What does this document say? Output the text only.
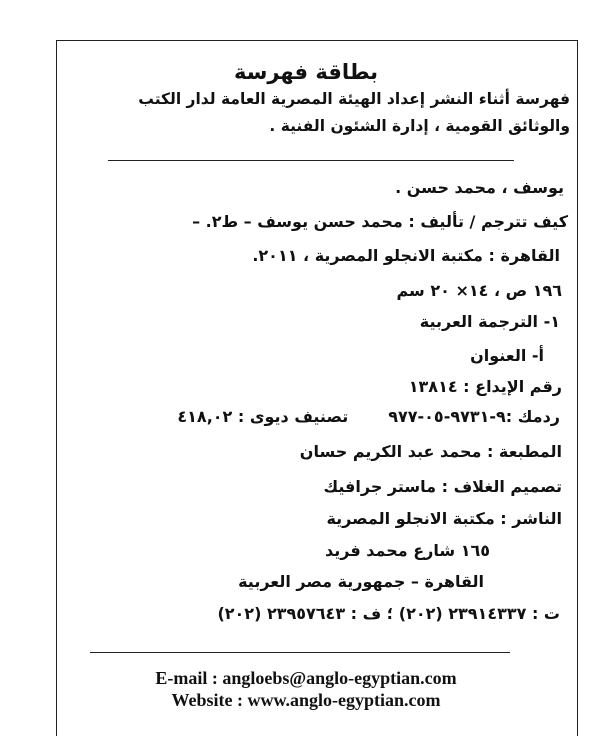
بطاقة فهرسة
فهرسة أثناء النشر إعداد الهيئة المصرية العامة لدار الكتب
والوثائق القومية ، إدارة الشئون الفنية .
يوسف ، محمد حسن .
كيف تترجم / تأليف : محمد حسن يوسف – ط٢. –
القاهرة : مكتبة الانجلو المصرية ، ٢٠١١.
١٩٦ ص ، ١٤× ٢٠ سم
١- الترجمة العربية
أ- العنوان
رقم الإيداع : ١٣٨١٤
ردمك :٩-٩٧٣١-٠٥-٩٧٧تصنيف ديوى : ٤١٨,٠٢
المطبعة : محمد عبد الكريم حسان
تصميم الغلاف : ماستر جرافيك
الناشر : مكتبة الانجلو المصرية
١٦٥ شارع محمد فريد
القاهرة – جمهورية مصر العربية
ت : ٢٣٩١٤٣٣٧ (٢٠٢) ؛ ف : ٢٣٩٥٧٦٤٣ (٢٠٢)
E-mail : angloebs@anglo-egyptian.com
Website : www.anglo-egyptian.com
